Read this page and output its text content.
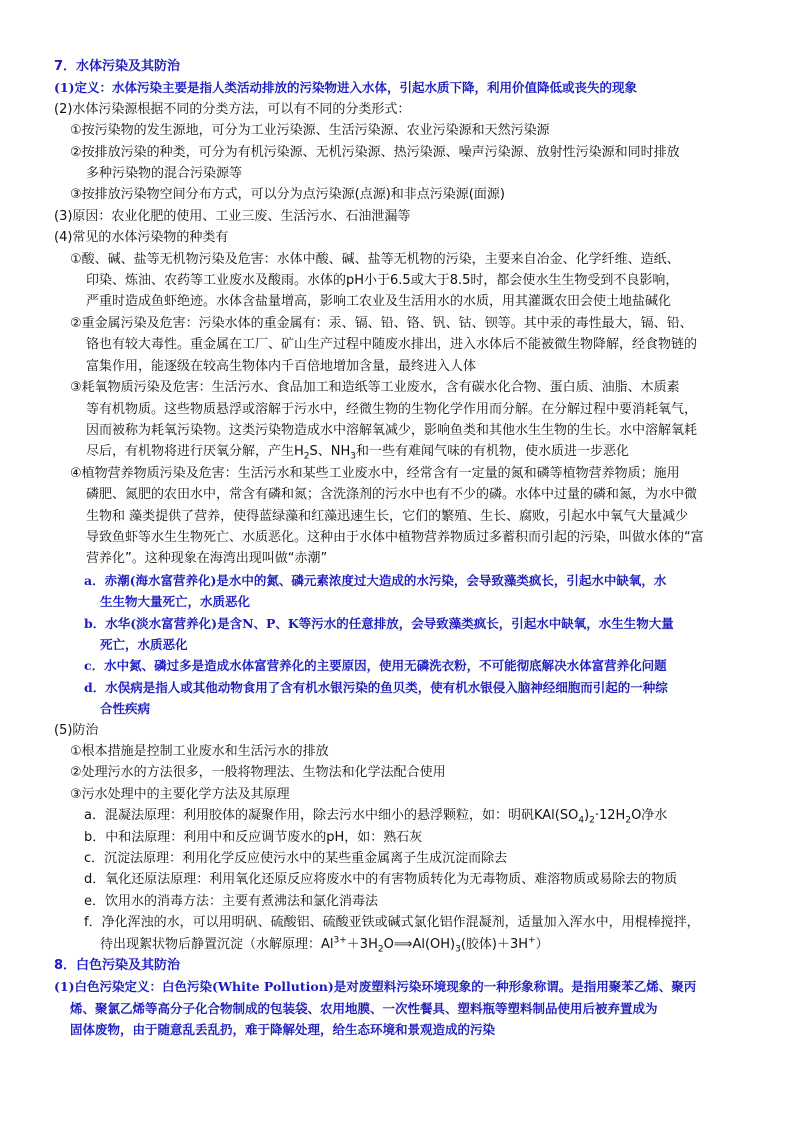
7．水体污染及其防治
(1)定义：水体污染主要是指人类活动排放的污染物进入水体，引起水质下降，利用价值降低或丧失的现象
(2)水体污染源根据不同的分类方法，可以有不同的分类形式：
①按污染物的发生源地，可分为工业污染源、生活污染源、农业污染源和天然污染源
②按排放污染的种类，可分为有机污染源、无机污染源、热污染源、噪声污染源、放射性污染源和同时排放
多种污染物的混合污染源等
③按排放污染物空间分布方式，可以分为点污染源(点源)和非点污染源(面源)
(3)原因：农业化肥的使用、工业三废、生活污水、石油泄漏等
(4)常见的水体污染物的种类有
①酸、碱、盐等无机物污染及危害：水体中酸、碱、盐等无机物的污染，主要来自冶金、化学纤维、造纸、
印染、炼油、农药等工业废水及酸雨。水体的pH小于6.5或大于8.5时，都会使水生生物受到不良影响，
严重时造成鱼虾绝迹。水体含盐量增高，影响工农业及生活用水的水质，用其灌溉农田会使土地盐碱化
②重金属污染及危害：污染水体的重金属有：汞、镉、铅、铬、钒、钴、钡等。其中汞的毒性最大，镉、铅、
铬也有较大毒性。重金属在工厂、矿山生产过程中随废水排出，进入水体后不能被微生物降解，经食物链的
富集作用，能逐级在较高生物体内千百倍地增加含量，最终进入人体
③耗氧物质污染及危害：生活污水、食品加工和造纸等工业废水，含有碳水化合物、蛋白质、油脂、木质素
等有机物质。这些物质悬浮或溶解于污水中，经微生物的生物化学作用而分解。在分解过程中要消耗氧气，
因而被称为耗氧污染物。这类污染物造成水中溶解氧减少，影响鱼类和其他水生生物的生长。水中溶解氧耗
尽后，有机物将进行厌氧分解，产生$H_2S$、$NH_3$和一些有难闻气味的有机物，使水质进一步恶化
④植物营养物质污染及危害：生活污水和某些工业废水中，经常含有一定量的氮和磷等植物营养物质；施用
磷肥、氮肥的农田水中，常含有磷和氮；含洗涤剂的污水中也有不少的磷。水体中过量的磷和氮，为水中微
生物和 藻类提供了营养，使得蓝绿藻和红藻迅速生长，它们的繁殖、生长、腐败，引起水中氧气大量减少
导致鱼虾等水生生物死亡、水质恶化。这种由于水体中植物营养物质过多蓄积而引起的污染，叫做水体的“富
营养化”。这种现象在海湾出现叫做“赤潮”
a．赤潮(海水富营养化)是水中的氮、磷元素浓度过大造成的水污染，会导致藻类疯长，引起水中缺氧，水
生生物大量死亡，水质恶化
b．水华(淡水富营养化)是含N、P、K等污水的任意排放，会导致藻类疯长，引起水中缺氧，水生生物大量
死亡，水质恶化
c．水中氮、磷过多是造成水体富营养化的主要原因，使用无磷洗衣粉，不可能彻底解决水体富营养化问题
d．水俣病是指人或其他动物食用了含有机水银污染的鱼贝类，使有机水银侵入脑神经细胞而引起的一种综
合性疾病
(5)防治
①根本措施是控制工业废水和生活污水的排放
②处理污水的方法很多，一般将物理法、生物法和化学法配合使用
③污水处理中的主要化学方法及其原理
a．混凝法原理：利用胶体的凝聚作用，除去污水中细小的悬浮颗粒，如：明矾$KAl(SO_4)_2\cdot 12H_2O$净水
b．中和法原理：利用中和反应调节废水的pH，如：熟石灰
c．沉淀法原理：利用化学反应使污水中的某些重金属离子生成沉淀而除去
d．氧化还原法原理：利用氧化还原反应将废水中的有害物质转化为无毒物质、难溶物质或易除去的物质
e．饮用水的消毒方法：主要有煮沸法和氯化消毒法
f．净化浑浊的水，可以用明矾、硫酸铝、硫酸亚铁或碱式氯化铝作混凝剂，适量加入浑水中，用棍棒搅拌，
待出现絮状物后静置沉淀（水解原理：$Al^{3+}+3H_2O⟹Al(OH)_3$(胶体)＋3H+）
8．白色污染及其防治
(1)白色污染定义：白色污染(White Pollution)是对废塑料污染环境现象的一种形象称谓。是指用聚苯乙烯、聚丙
烯、聚氯乙烯等高分子化合物制成的包装袋、农用地膜、一次性餐具、塑料瓶等塑料制品使用后被弃置成为
固体废物，由于随意乱丢乱扔，难于降解处理，给生态环境和景观造成的污染
